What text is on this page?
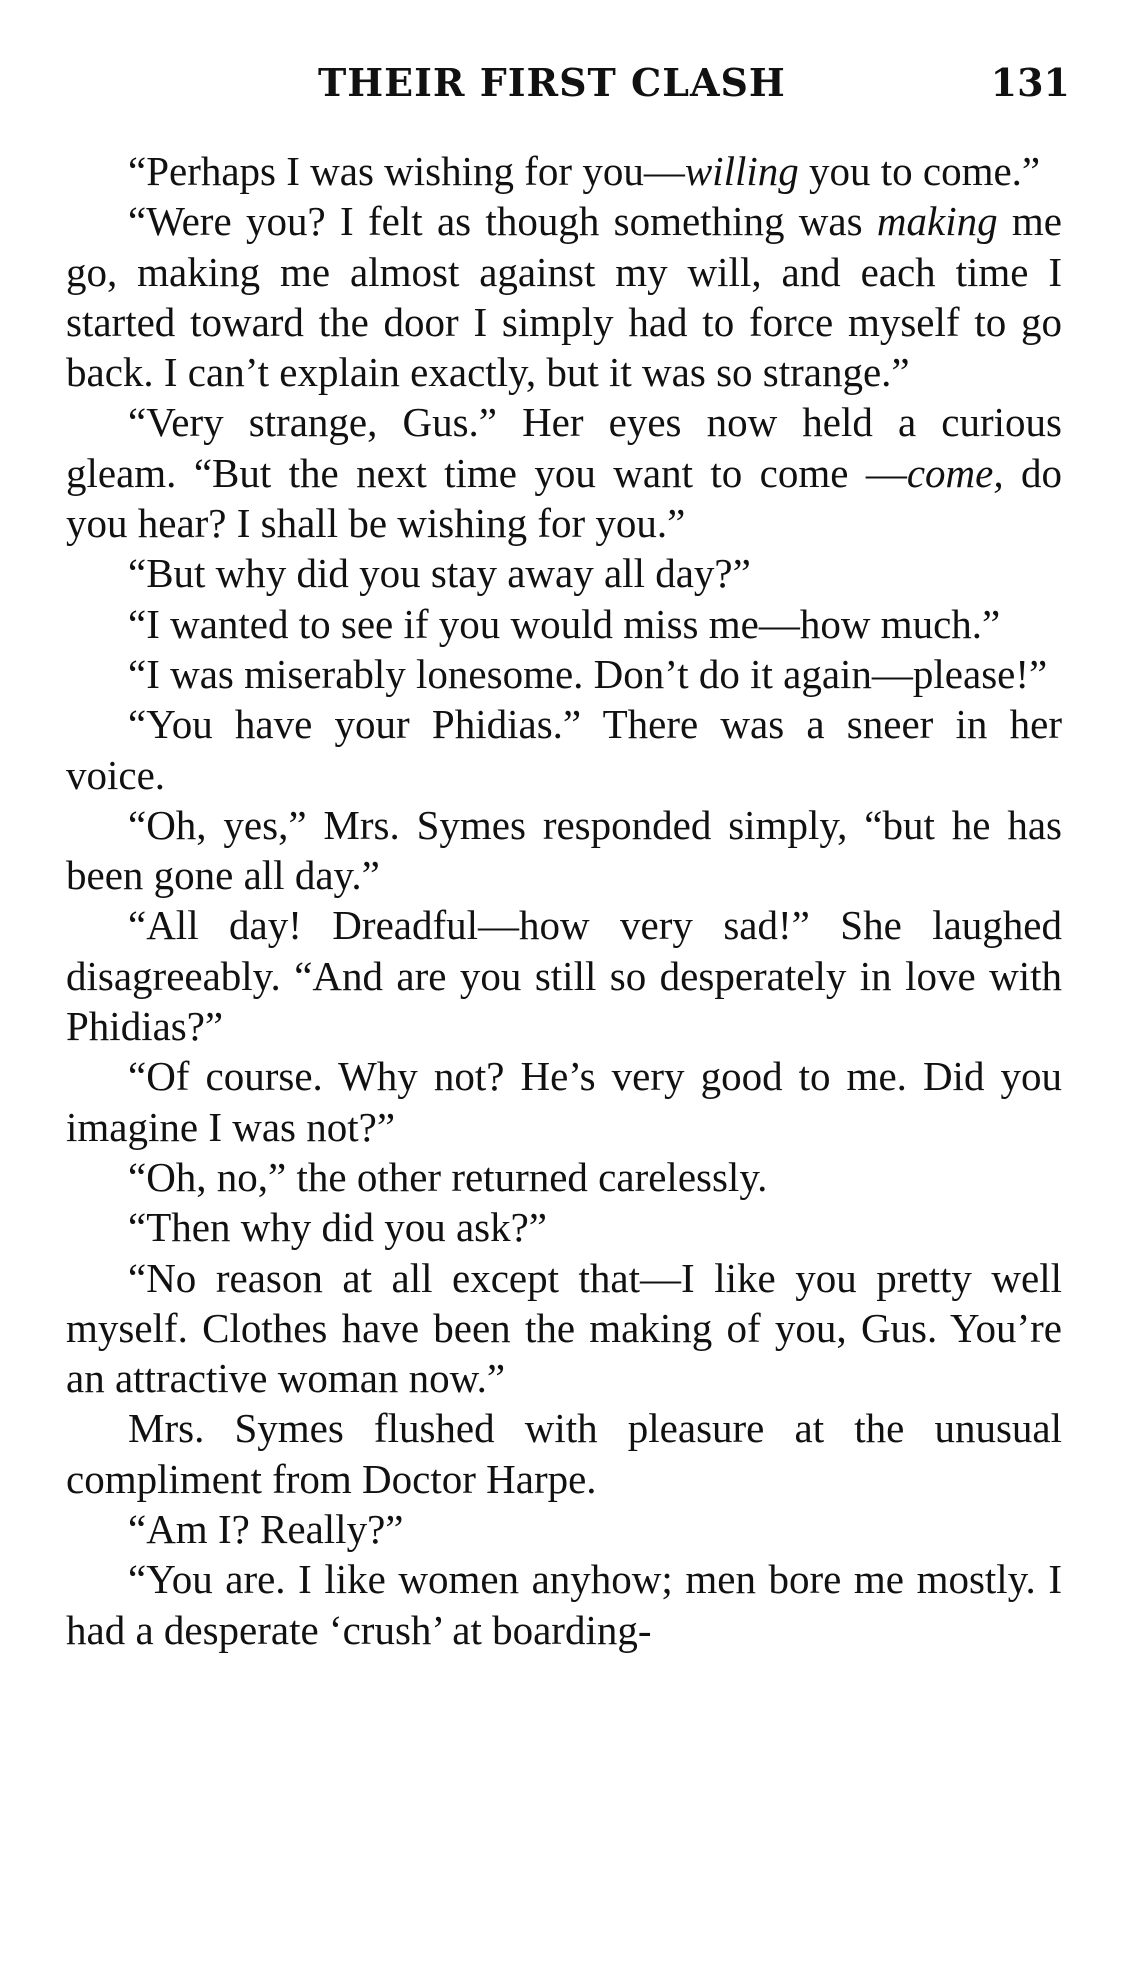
THEIR FIRST CLASH	131

“Perhaps I was wishing for you—willing you to come.”

“Were you? I felt as though something was making me go, making me almost against my will, and each time I started toward the door I simply had to force myself to go back. I can’t explain exactly, but it was so strange.”

“Very strange, Gus.” Her eyes now held a curious gleam. “But the next time you want to come —come, do you hear? I shall be wishing for you.”

“But why did you stay away all day?”

“I wanted to see if you would miss me—how much.”

“I was miserably lonesome. Don’t do it again—please!”

“You have your Phidias.” There was a sneer in her voice.

“Oh, yes,” Mrs. Symes responded simply, “but he has been gone all day.”

“All day! Dreadful—how very sad!” She laughed disagreeably. “And are you still so desperately in love with Phidias?”

“Of course. Why not? He’s very good to me. Did you imagine I was not?”

“Oh, no,” the other returned carelessly.

“Then why did you ask?”

“No reason at all except that—I like you pretty well myself. Clothes have been the making of you, Gus. You’re an attractive woman now.”

Mrs. Symes flushed with pleasure at the unusual compliment from Doctor Harpe.

“Am I? Really?”

“You are. I like women anyhow; men bore me mostly. I had a desperate ‘crush’ at boarding-
